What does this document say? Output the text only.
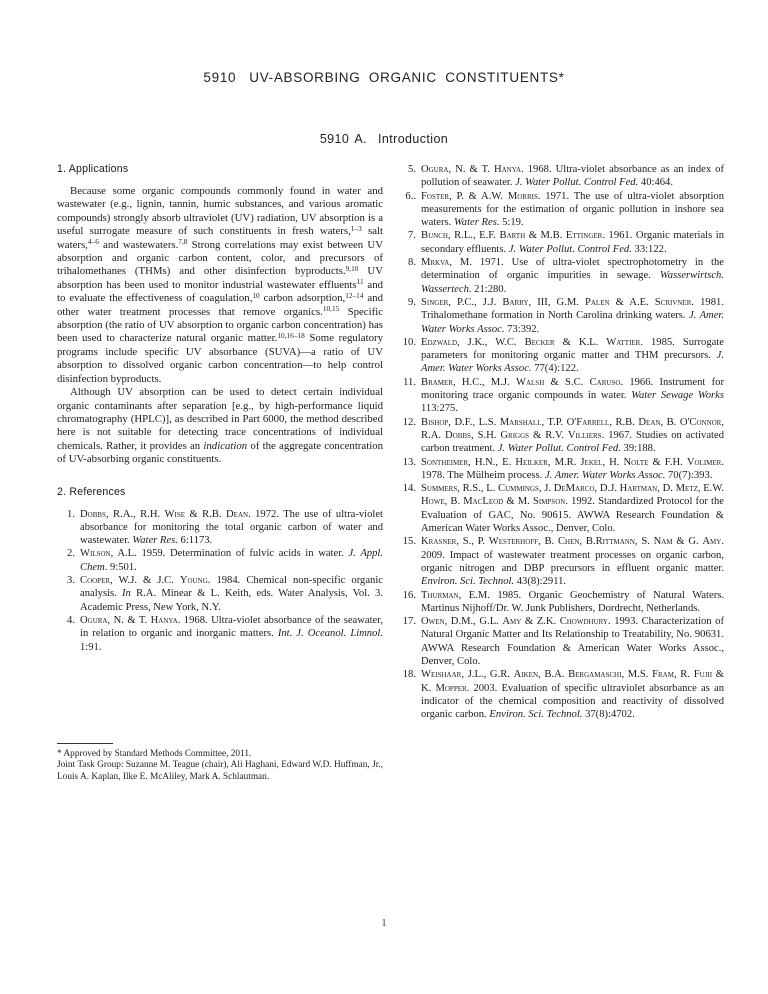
5910 UV-ABSORBING ORGANIC CONSTITUENTS*
5910 A. Introduction
1. Applications

Because some organic compounds commonly found in water and wastewater (e.g., lignin, tannin, humic substances, and various aromatic compounds) strongly absorb ultraviolet (UV) radiation, UV absorption is a useful surrogate measure of such constituents in fresh waters,$^{1-3}$ salt waters,$^{4-6}$ and wastewaters.$^{7,8}$ Strong correlations may exist between UV absorption and organic carbon content, color, and precursors of trihalomethanes (THMs) and other disinfection byproducts.$^{9,10}$ UV absorption has been used to monitor industrial wastewater effluents$^{11}$ and to evaluate the effectiveness of coagulation,$^{10}$ carbon adsorption,$^{12-14}$ and other water treatment processes that remove organics.$^{10,15}$ Specific absorption (the ratio of UV absorption to organic carbon concentration) has been used to characterize natural organic matter.$^{10,16-18}$ Some regulatory programs include specific UV absorbance (SUVA)—a ratio of UV absorption to dissolved organic carbon concentration—to help control disinfection byproducts.

Although UV absorption can be used to detect certain individual organic contaminants after separation [e.g., by high-performance liquid chromatography (HPLC)], as described in Part 6000, the method described here is not suitable for detecting trace concentrations of individual chemicals. Rather, it provides an indication of the aggregate concentration of UV-absorbing organic constituents.

2. References
1. Dobbs, R.A., R.H. Wise & R.B. Dean. 1972. The use of ultra-violet absorbance for monitoring the total organic carbon of water and wastewater. Water Res. 6:1173.
2. Wilson, A.L. 1959. Determination of fulvic acids in water. J. Appl. Chem. 9:501.
3. Cooper, W.J. & J.C. Young. 1984. Chemical non-specific organic analysis. In R.A. Minear & L. Keith, eds. Water Analysis, Vol. 3. Academic Press, New York, N.Y.
4. Ogura, N. & T. Hanya. 1968. Ultra-violet absorbance of the seawater, in relation to organic and inorganic matters. Int. J. Oceanol. Limnol. 1:91.
* Approved by Standard Methods Committee, 2011.
Joint Task Group: Suzanne M. Teague (chair), Ali Haghani, Edward W.D. Huffman, Jr., Louis A. Kaplan, Ilke E. McAliley, Mark A. Schlautman.
5. Ogura, N. & T. Hanya. 1968. Ultra-violet absorbance as an index of pollution of seawater. J. Water Pollut. Control Fed. 40:464.
6.. Foster, P. & A.W. Morris. 1971. The use of ultra-violet absorption measurements for the estimation of organic pollution in inshore sea waters. Water Res. 5:19.
7. Bunch, R.L., E.F. Barth & M.B. Ettinger. 1961. Organic materials in secondary effluents. J. Water Pollut. Control Fed. 33:122.
8. Mrkva, M. 1971. Use of ultra-violet spectrophotometry in the determination of organic impurities in sewage. Wasserwirtsch. Wassertech. 21:280.
9. Singer, P.C., J.J. Barry, III, G.M. Palen & A.E. Scrivner. 1981. Trihalomethane formation in North Carolina drinking waters. J. Amer. Water Works Assoc. 73:392.
10. Edzwald, J.K., W.C. Becker & K.L. Wattier. 1985. Surrogate parameters for monitoring organic matter and THM precursors. J. Amer. Water Works Assoc. 77(4):122.
11. Bramer, H.C., M.J. Walsh & S.C. Caruso. 1966. Instrument for monitoring trace organic compounds in water. Water Sewage Works 113:275.
12. Bishop, D.F., L.S. Marshall, T.P. O'Farrell, R.B. Dean, B. O'Connor, R.A. Dobbs, S.H. Griggs & R.V. Villiers. 1967. Studies on activated carbon treatment. J. Water Pollut. Control Fed. 39:188.
13. Sontheimer, H.N., E. Heilker, M.R. Jekel, H. Nolte & F.H. Volimer. 1978. The Mülheim process. J. Amer. Water Works Assoc. 70(7):393.
14. Summers, R.S., L. Cummings, J. DeMarco, D.J. Hartman, D. Metz, E.W. Howe, B. MacLeod & M. Simpson. 1992. Standardized Protocol for the Evaluation of GAC, No. 90615. AWWA Research Foundation & American Water Works Assoc., Denver, Colo.
15. Krasner, S., P. Westerhoff, B. Chen, B.Rittmann, S. Nam & G. Amy. 2009. Impact of wastewater treatment processes on organic carbon, organic nitrogen and DBP precursors in effluent organic matter. Environ. Sci. Technol. 43(8):2911.
16. Thurman, E.M. 1985. Organic Geochemistry of Natural Waters. Martinus Nijhoff/Dr. W. Junk Publishers, Dordrecht, Netherlands.
17. Owen, D.M., G.L. Amy & Z.K. Chowdhury. 1993. Characterization of Natural Organic Matter and Its Relationship to Treatability, No. 90631. AWWA Research Foundation & American Water Works Assoc., Denver, Colo.
18. Weishaar, J.L., G.R. Aiken, B.A. Bergamaschi, M.S. Fram, R. Fujii & K. Mopper. 2003. Evaluation of specific ultraviolet absorbance as an indicator of the chemical composition and reactivity of dissolved organic carbon. Environ. Sci. Technol. 37(8):4702.
1
